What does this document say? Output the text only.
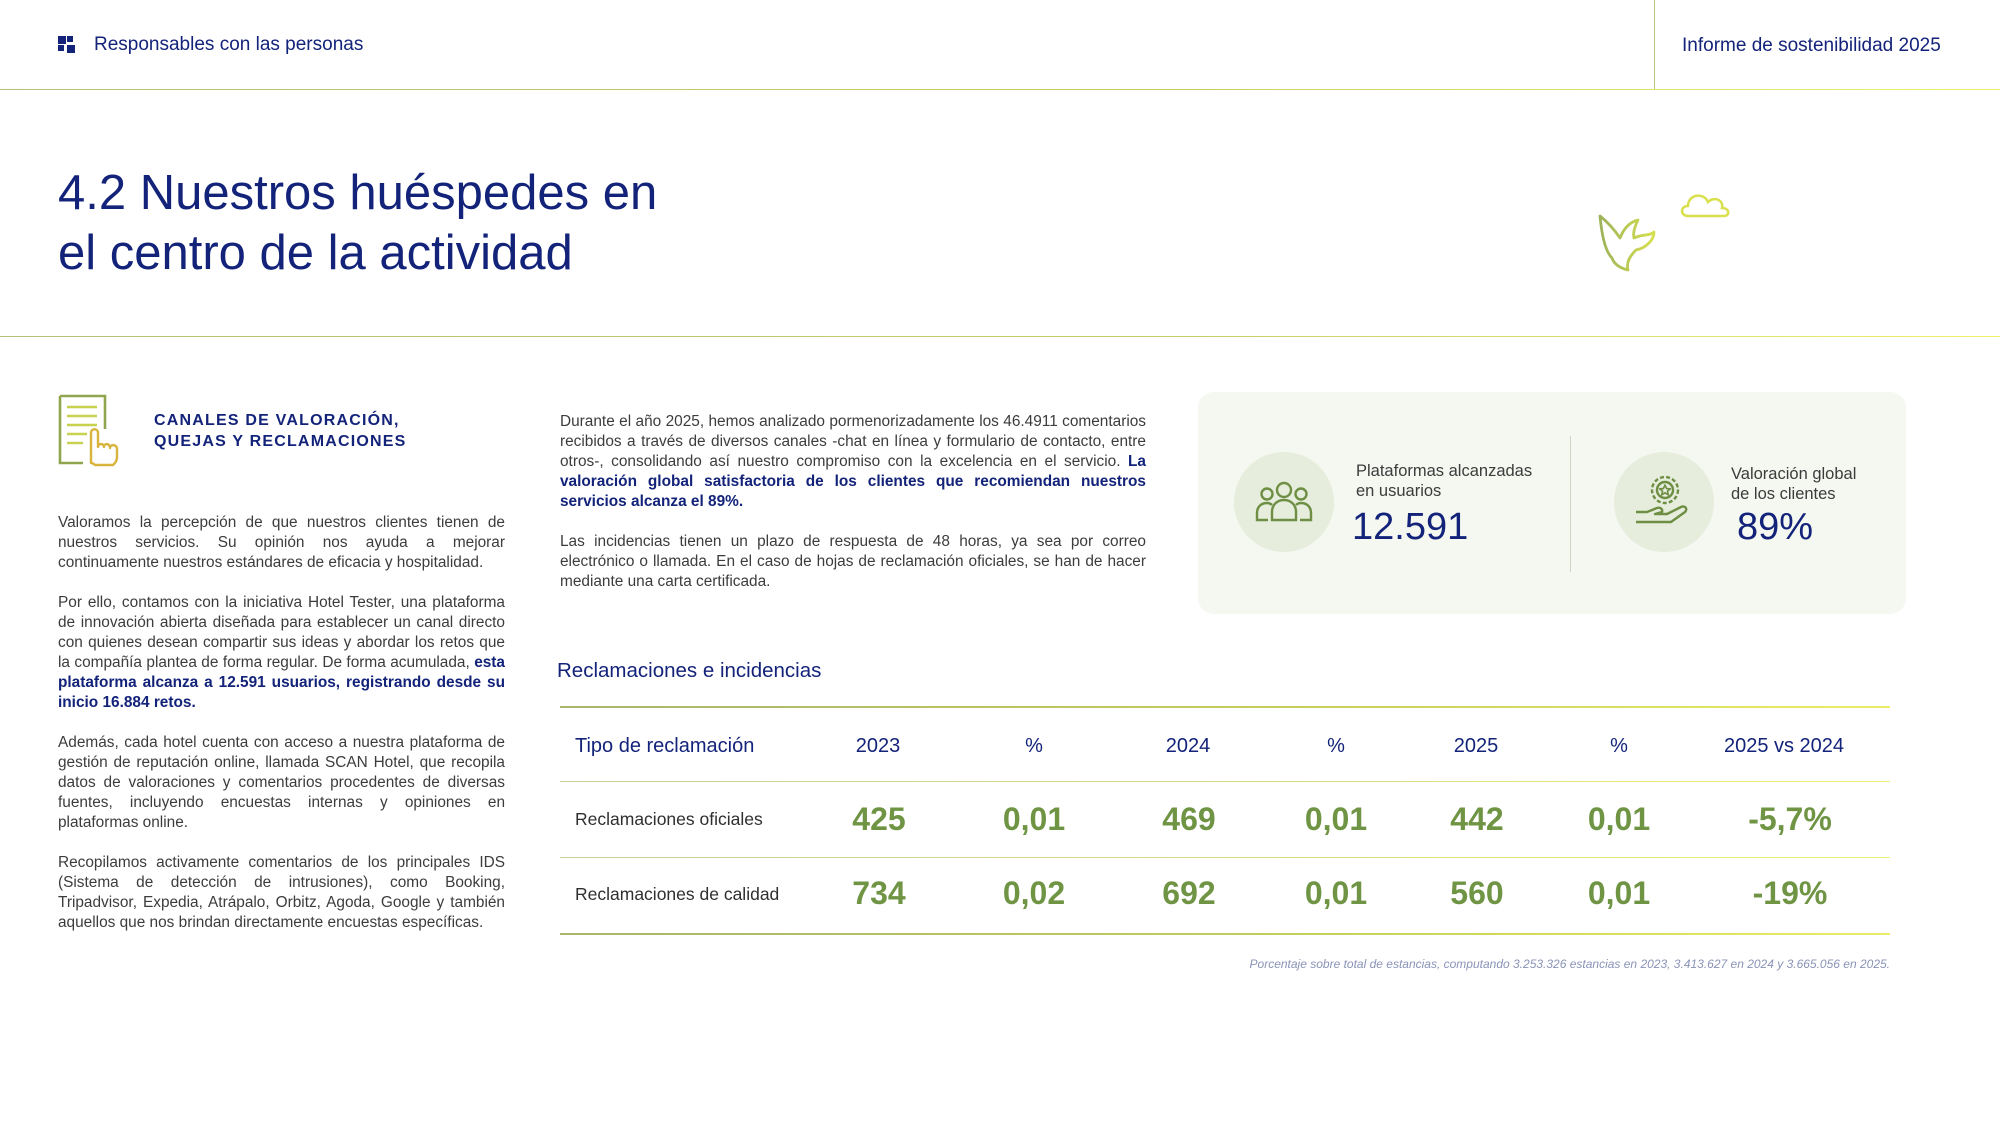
Responsables con las personas	Informe de sostenibilidad 2025
4.2 Nuestros huéspedes en
el centro de la actividad
CANALES DE VALORACIÓN,
QUEJAS Y RECLAMACIONES

Valoramos la percepción de que nuestros clientes tienen de nuestros servicios. Su opinión nos ayuda a mejorar continuamente nuestros estándares de eficacia y hospitalidad.

Por ello, contamos con la iniciativa Hotel Tester, una plataforma de innovación abierta diseñada para establecer un canal directo con quienes desean compartir sus ideas y abordar los retos que la compañía plantea de forma regular. De forma acumulada, esta plataforma alcanza a 12.591 usuarios, registrando desde su inicio 16.884 retos.

Además, cada hotel cuenta con acceso a nuestra plataforma de gestión de reputación online, llamada SCAN Hotel, que recopila datos de valoraciones y comentarios procedentes de diversas fuentes, incluyendo encuestas internas y opiniones en plataformas online.

Recopilamos activamente comentarios de los principales IDS (Sistema de detección de intrusiones), como Booking, Tripadvisor, Expedia, Atrápalo, Orbitz, Agoda, Google y también aquellos que nos brindan directamente encuestas específicas.

Durante el año 2025, hemos analizado pormenorizadamente los 46.4911 comentarios recibidos a través de diversos canales -chat en línea y formulario de contacto, entre otros-, consolidando así nuestro compromiso con la excelencia en el servicio. La valoración global satisfactoria de los clientes que recomiendan nuestros servicios alcanza el 89%.

Las incidencias tienen un plazo de respuesta de 48 horas, ya sea por correo electrónico o llamada. En el caso de hojas de reclamación oficiales, se han de hacer mediante una carta certificada.

Plataformas alcanzadas
en usuarios
12.591
Valoración global
de los clientes
89%
Reclamaciones e incidencias
Tipo de reclamación	2023	%	2024	%	2025	%	2025 vs 2024
Reclamaciones oficiales	425	0,01	469	0,01	442	0,01	-5,7%
Reclamaciones de calidad 734	0,02	692	0,01	560	0,01	-19%
Porcentaje sobre total de estancias, computando 3.253.326 estancias en 2023, 3.413.627 en 2024 y 3.665.056 en 2025.
